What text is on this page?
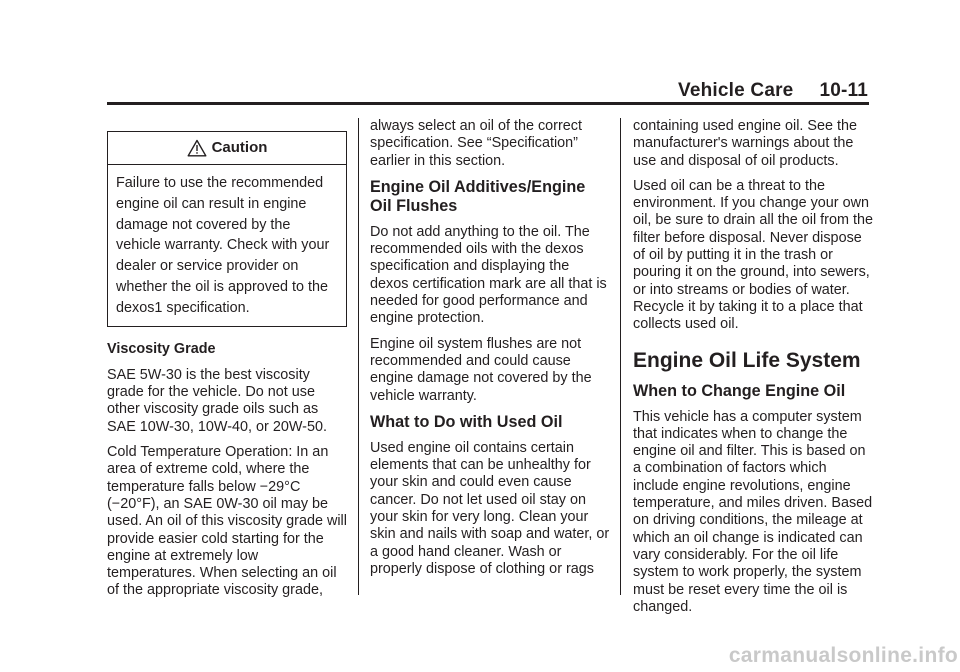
Vehicle Care 10-11
Caution
Failure to use the recommended engine oil can result in engine damage not covered by the vehicle warranty. Check with your dealer or service provider on whether the oil is approved to the dexos1 specification.

Viscosity Grade

SAE 5W-30 is the best viscosity grade for the vehicle. Do not use other viscosity grade oils such as SAE 10W-30, 10W-40, or 20W-50.

Cold Temperature Operation: In an area of extreme cold, where the temperature falls below −29°C (−20°F), an SAE 0W-30 oil may be used. An oil of this viscosity grade will provide easier cold starting for the engine at extremely low temperatures. When selecting an oil of the appropriate viscosity grade,

always select an oil of the correct specification. See “Specification” earlier in this section.

Engine Oil Additives/Engine Oil Flushes

Do not add anything to the oil. The recommended oils with the dexos specification and displaying the dexos certification mark are all that is needed for good performance and engine protection.

Engine oil system flushes are not recommended and could cause engine damage not covered by the vehicle warranty.

What to Do with Used Oil

Used engine oil contains certain elements that can be unhealthy for your skin and could even cause cancer. Do not let used oil stay on your skin for very long. Clean your skin and nails with soap and water, or a good hand cleaner. Wash or properly dispose of clothing or rags

containing used engine oil. See the manufacturer's warnings about the use and disposal of oil products.

Used oil can be a threat to the environment. If you change your own oil, be sure to drain all the oil from the filter before disposal. Never dispose of oil by putting it in the trash or pouring it on the ground, into sewers, or into streams or bodies of water. Recycle it by taking it to a place that collects used oil.

Engine Oil Life System
When to Change Engine Oil

This vehicle has a computer system that indicates when to change the engine oil and filter. This is based on a combination of factors which include engine revolutions, engine temperature, and miles driven. Based on driving conditions, the mileage at which an oil change is indicated can vary considerably. For the oil life system to work properly, the system must be reset every time the oil is changed.

carmanualsonline.info
